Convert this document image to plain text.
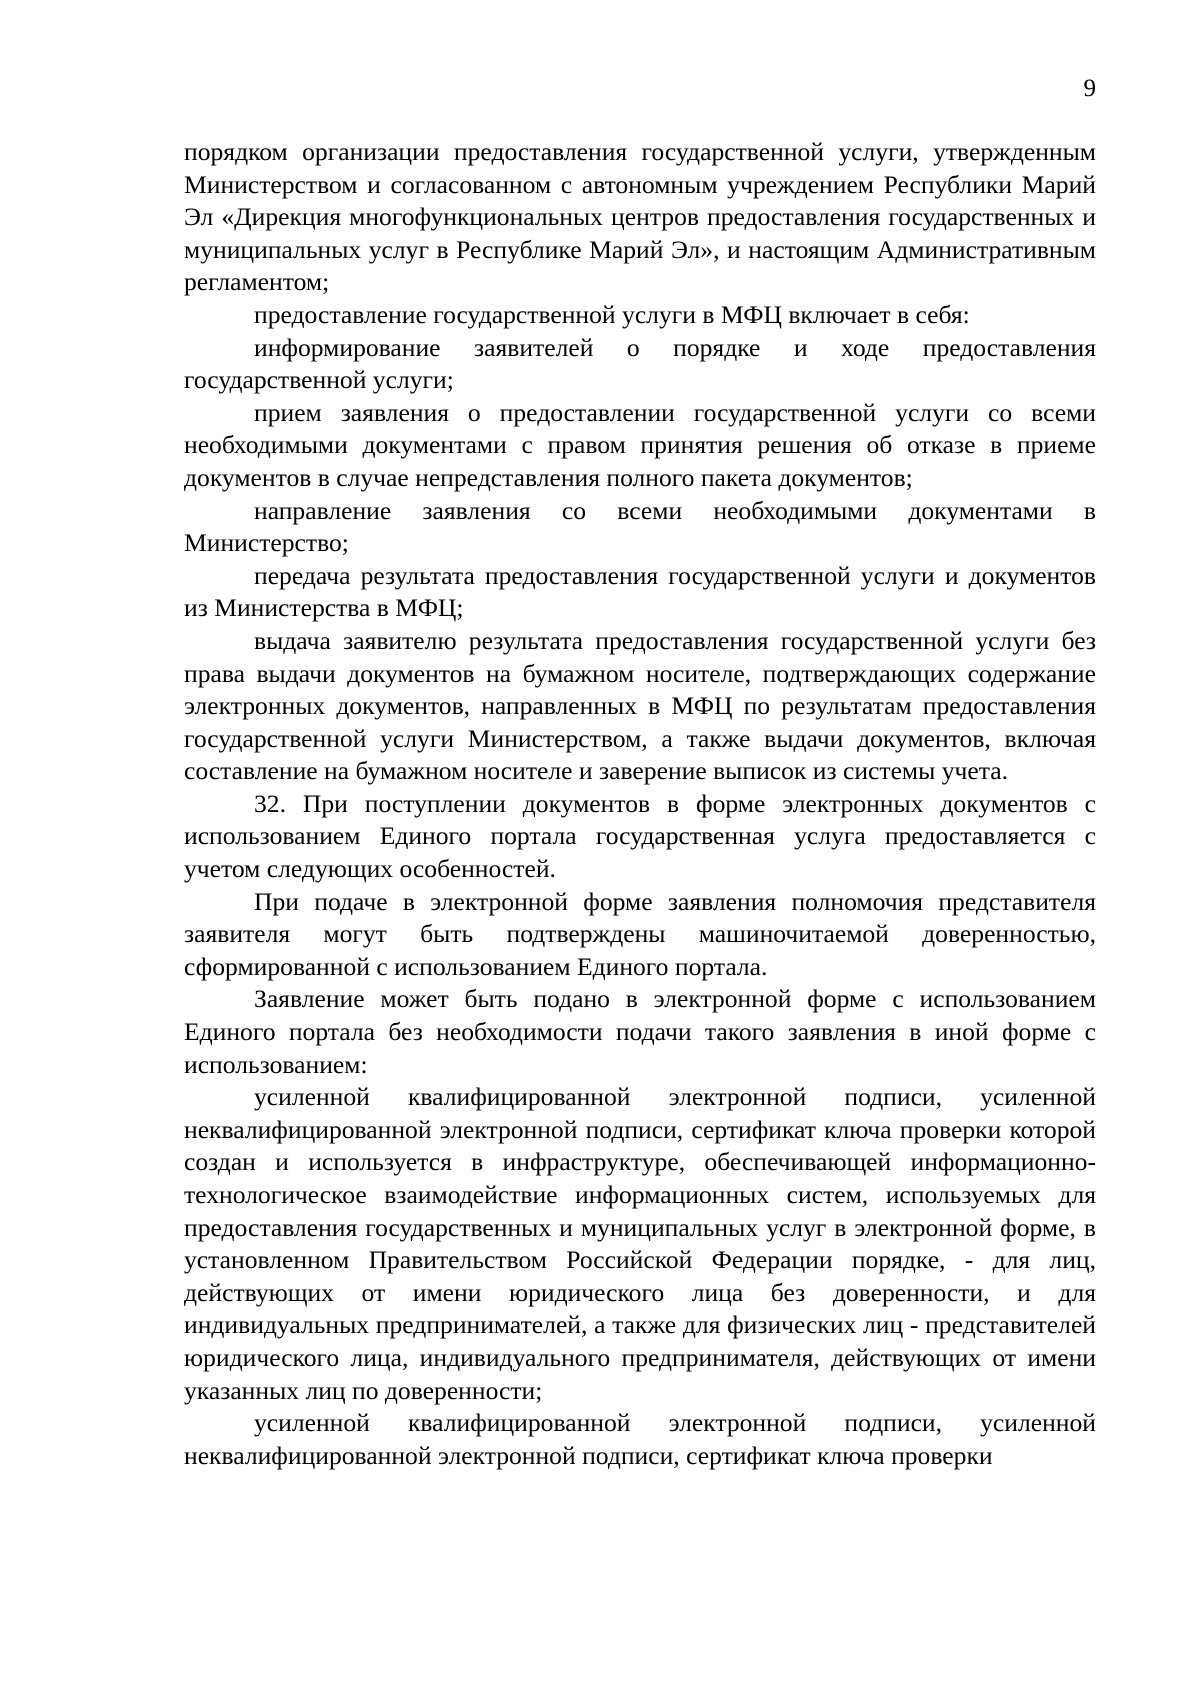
9

порядком организации предоставления государственной услуги, утвержденным Министерством и согласованном с автономным учреждением Республики Марий Эл «Дирекция многофункциональных центров предоставления государственных и муниципальных услуг в Республике Марий Эл», и настоящим Административным регламентом;

предоставление государственной услуги в МФЦ включает в себя:

информирование заявителей о порядке и ходе предоставления государственной услуги;

прием заявления о предоставлении государственной услуги со всеми необходимыми документами с правом принятия решения об отказе в приеме документов в случае непредставления полного пакета документов;

направление заявления со всеми необходимыми документами в Министерство;

передача результата предоставления государственной услуги и документов из Министерства в МФЦ;

выдача заявителю результата предоставления государственной услуги без права выдачи документов на бумажном носителе, подтверждающих содержание электронных документов, направленных в МФЦ по результатам предоставления государственной услуги Министерством, а также выдачи документов, включая составление на бумажном носителе и заверение выписок из системы учета.

32. При поступлении документов в форме электронных документов с использованием Единого портала государственная услуга предоставляется с учетом следующих особенностей.

При подаче в электронной форме заявления полномочия представителя заявителя могут быть подтверждены машиночитаемой доверенностью, сформированной с использованием Единого портала.

Заявление может быть подано в электронной форме с использованием Единого портала без необходимости подачи такого заявления в иной форме с использованием:

усиленной квалифицированной электронной подписи, усиленной неквалифицированной электронной подписи, сертификат ключа проверки которой создан и используется в инфраструктуре, обеспечивающей информационно-технологическое взаимодействие информационных систем, используемых для предоставления государственных и муниципальных услуг в электронной форме, в установленном Правительством Российской Федерации порядке, - для лиц, действующих от имени юридического лица без доверенности, и для индивидуальных предпринимателей, а также для физических лиц - представителей юридического лица, индивидуального предпринимателя, действующих от имени указанных лиц по доверенности;

усиленной квалифицированной электронной подписи, усиленной неквалифицированной электронной подписи, сертификат ключа проверки
